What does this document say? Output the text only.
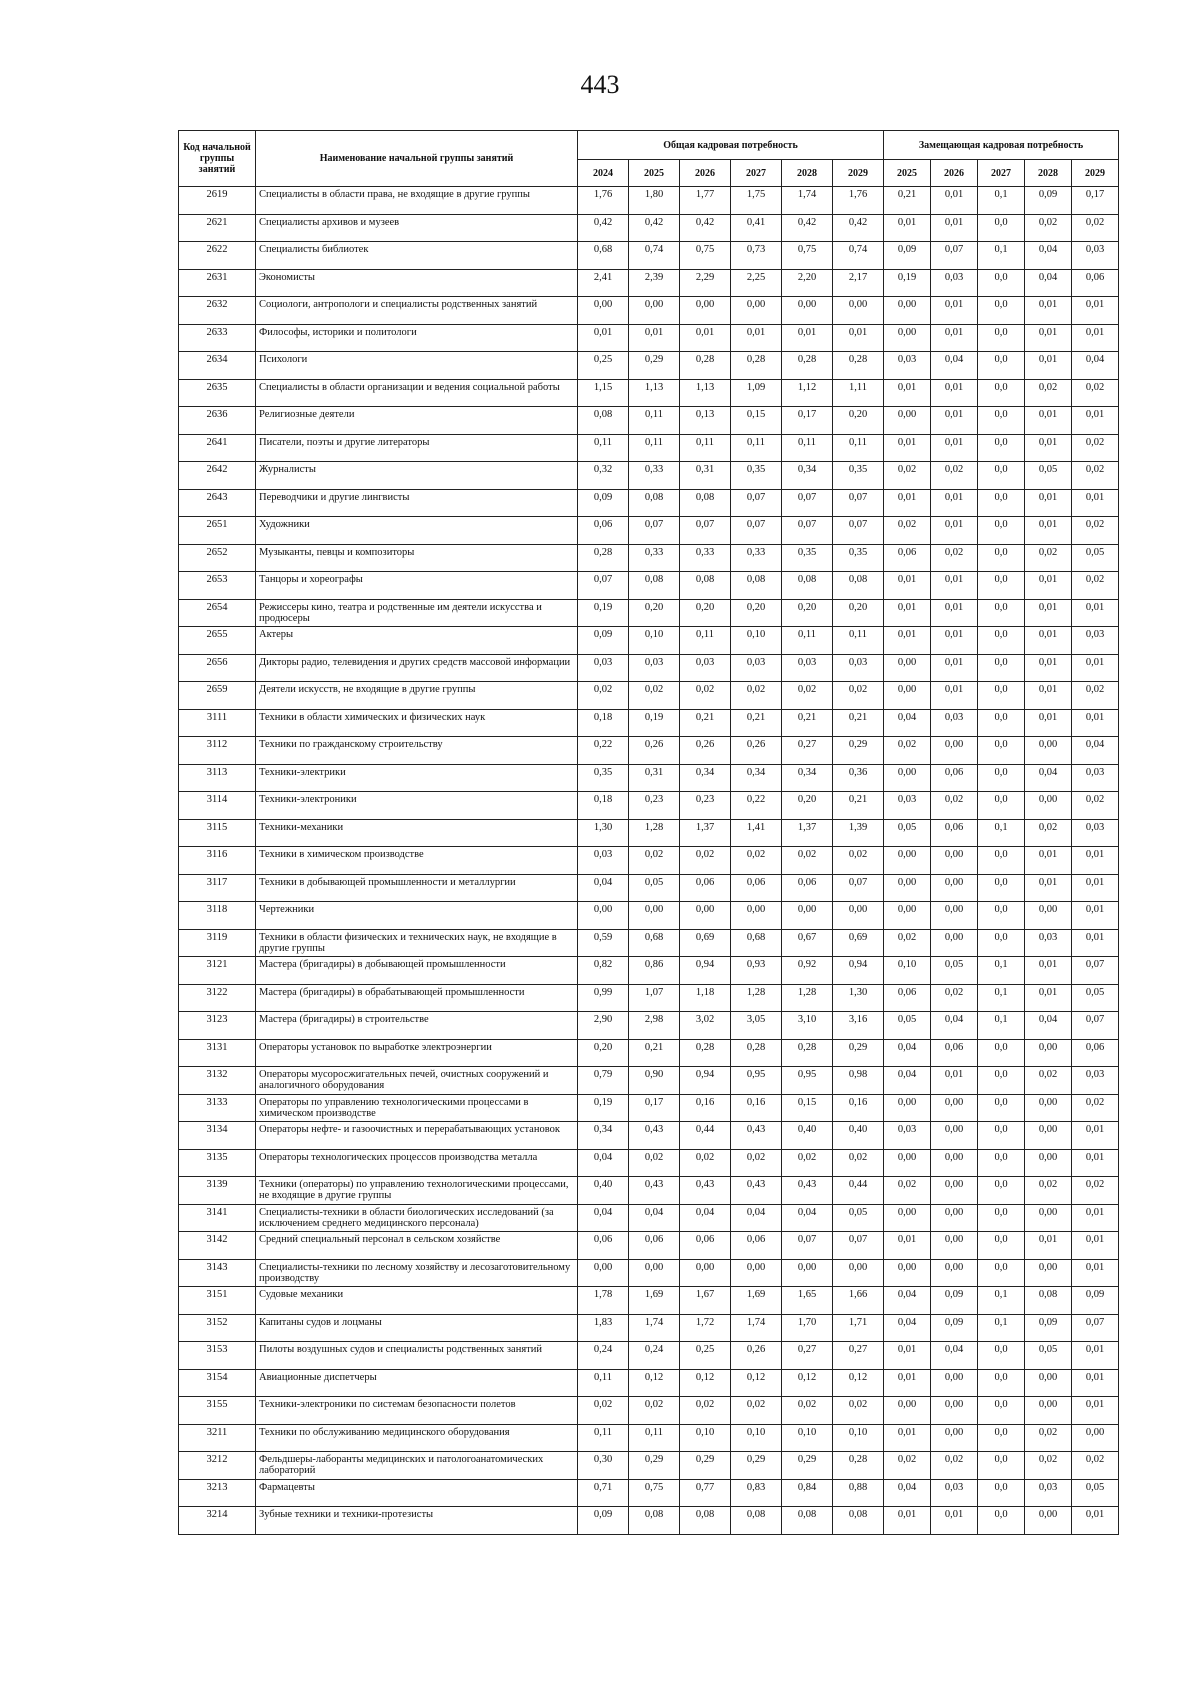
443
Код начальной группы занятий	Наименование начальной группы занятий	Общая кадровая потребность						Замещающая кадровая потребность				
		2024	2025	2026	2027	2028	2029	2025	2026	2027	2028	2029
2619	Специалисты в области права, не входящие в другие группы	1,76	1,80	1,77	1,75	1,74	1,76	0,21	0,01	0,1	0,09	0,17
2621	Специалисты архивов и музеев	0,42	0,42	0,42	0,41	0,42	0,42	0,01	0,01	0,0	0,02	0,02
2622	Специалисты библиотек	0,68	0,74	0,75	0,73	0,75	0,74	0,09	0,07	0,1	0,04	0,03
2631	Экономисты	2,41	2,39	2,29	2,25	2,20	2,17	0,19	0,03	0,0	0,04	0,06
2632	Социологи, антропологи и специалисты родственных занятий	0,00	0,00	0,00	0,00	0,00	0,00	0,00	0,01	0,0	0,01	0,01
2633	Философы, историки и политологи	0,01	0,01	0,01	0,01	0,01	0,01	0,00	0,01	0,0	0,01	0,01
2634	Психологи	0,25	0,29	0,28	0,28	0,28	0,28	0,03	0,04	0,0	0,01	0,04
2635	Специалисты в области организации и ведения социальной работы	1,15	1,13	1,13	1,09	1,12	1,11	0,01	0,01	0,0	0,02	0,02
2636	Религиозные деятели	0,08	0,11	0,13	0,15	0,17	0,20	0,00	0,01	0,0	0,01	0,01
2641	Писатели, поэты и другие литераторы	0,11	0,11	0,11	0,11	0,11	0,11	0,01	0,01	0,0	0,01	0,02
2642	Журналисты	0,32	0,33	0,31	0,35	0,34	0,35	0,02	0,02	0,0	0,05	0,02
2643	Переводчики и другие лингвисты	0,09	0,08	0,08	0,07	0,07	0,07	0,01	0,01	0,0	0,01	0,01
2651	Художники	0,06	0,07	0,07	0,07	0,07	0,07	0,02	0,01	0,0	0,01	0,02
2652	Музыканты, певцы и композиторы	0,28	0,33	0,33	0,33	0,35	0,35	0,06	0,02	0,0	0,02	0,05
2653	Танцоры и хореографы	0,07	0,08	0,08	0,08	0,08	0,08	0,01	0,01	0,0	0,01	0,02
2654	Режиссеры кино, театра и родственные им деятели искусства и продюсеры	0,19	0,20	0,20	0,20	0,20	0,20	0,01	0,01	0,0	0,01	0,01
2655	Актеры	0,09	0,10	0,11	0,10	0,11	0,11	0,01	0,01	0,0	0,01	0,03
2656	Дикторы радио, телевидения и других средств массовой информации	0,03	0,03	0,03	0,03	0,03	0,03	0,00	0,01	0,0	0,01	0,01
2659	Деятели искусств, не входящие в другие группы	0,02	0,02	0,02	0,02	0,02	0,02	0,00	0,01	0,0	0,01	0,02
3111	Техники в области химических и физических наук	0,18	0,19	0,21	0,21	0,21	0,21	0,04	0,03	0,0	0,01	0,01
3112	Техники по гражданскому строительству	0,22	0,26	0,26	0,26	0,27	0,29	0,02	0,00	0,0	0,00	0,04
3113	Техники-электрики	0,35	0,31	0,34	0,34	0,34	0,36	0,00	0,06	0,0	0,04	0,03
3114	Техники-электроники	0,18	0,23	0,23	0,22	0,20	0,21	0,03	0,02	0,0	0,00	0,02
3115	Техники-механики	1,30	1,28	1,37	1,41	1,37	1,39	0,05	0,06	0,1	0,02	0,03
3116	Техники в химическом производстве	0,03	0,02	0,02	0,02	0,02	0,02	0,00	0,00	0,0	0,01	0,01
3117	Техники в добывающей промышленности и металлургии	0,04	0,05	0,06	0,06	0,06	0,07	0,00	0,00	0,0	0,01	0,01
3118	Чертежники	0,00	0,00	0,00	0,00	0,00	0,00	0,00	0,00	0,0	0,00	0,01
3119	Техники в области физических и технических наук, не входящие в другие группы	0,59	0,68	0,69	0,68	0,67	0,69	0,02	0,00	0,0	0,03	0,01
3121	Мастера (бригадиры) в добывающей промышленности	0,82	0,86	0,94	0,93	0,92	0,94	0,10	0,05	0,1	0,01	0,07
3122	Мастера (бригадиры) в обрабатывающей промышленности	0,99	1,07	1,18	1,28	1,28	1,30	0,06	0,02	0,1	0,01	0,05
3123	Мастера (бригадиры) в строительстве	2,90	2,98	3,02	3,05	3,10	3,16	0,05	0,04	0,1	0,04	0,07
3131	Операторы установок по выработке электроэнергии	0,20	0,21	0,28	0,28	0,28	0,29	0,04	0,06	0,0	0,00	0,06
3132	Операторы мусоросжигательных печей, очистных сооружений и аналогичного оборудования	0,79	0,90	0,94	0,95	0,95	0,98	0,04	0,01	0,0	0,02	0,03
3133	Операторы по управлению технологическими процессами в химическом производстве	0,19	0,17	0,16	0,16	0,15	0,16	0,00	0,00	0,0	0,00	0,02
3134	Операторы нефте- и газоочистных и перерабатывающих установок	0,34	0,43	0,44	0,43	0,40	0,40	0,03	0,00	0,0	0,00	0,01
3135	Операторы технологических процессов производства металла	0,04	0,02	0,02	0,02	0,02	0,02	0,00	0,00	0,0	0,00	0,01
3139	Техники (операторы) по управлению технологическими процессами, не входящие в другие группы	0,40	0,43	0,43	0,43	0,43	0,44	0,02	0,00	0,0	0,02	0,02
3141	Специалисты-техники в области биологических исследований (за исключением среднего медицинского персонала)	0,04	0,04	0,04	0,04	0,04	0,05	0,00	0,00	0,0	0,00	0,01
3142	Средний специальный персонал в сельском хозяйстве	0,06	0,06	0,06	0,06	0,07	0,07	0,01	0,00	0,0	0,01	0,01
3143	Специалисты-техники по лесному хозяйству и лесозаготовительному производству	0,00	0,00	0,00	0,00	0,00	0,00	0,00	0,00	0,0	0,00	0,01
3151	Судовые механики	1,78	1,69	1,67	1,69	1,65	1,66	0,04	0,09	0,1	0,08	0,09
3152	Капитаны судов и лоцманы	1,83	1,74	1,72	1,74	1,70	1,71	0,04	0,09	0,1	0,09	0,07
3153	Пилоты воздушных судов и специалисты родственных занятий	0,24	0,24	0,25	0,26	0,27	0,27	0,01	0,04	0,0	0,05	0,01
3154	Авиационные диспетчеры	0,11	0,12	0,12	0,12	0,12	0,12	0,01	0,00	0,0	0,00	0,01
3155	Техники-электроники по системам безопасности полетов	0,02	0,02	0,02	0,02	0,02	0,02	0,00	0,00	0,0	0,00	0,01
3211	Техники по обслуживанию медицинского оборудования	0,11	0,11	0,10	0,10	0,10	0,10	0,01	0,00	0,0	0,02	0,00
3212	Фельдшеры-лаборанты медицинских и патологоанатомических лабораторий	0,30	0,29	0,29	0,29	0,29	0,28	0,02	0,02	0,0	0,02	0,02
3213	Фармацевты	0,71	0,75	0,77	0,83	0,84	0,88	0,04	0,03	0,0	0,03	0,05
3214	Зубные техники и техники-протезисты	0,09	0,08	0,08	0,08	0,08	0,08	0,01	0,01	0,0	0,00	0,01
